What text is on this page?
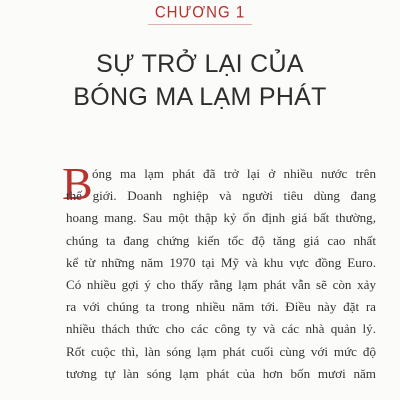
CHƯƠNG 1
SỰ TRỞ LẠI CỦA
BÓNG MA LẠM PHÁT
B óng ma lạm phát đã trở lại ở nhiều nước trên
thế giới. Doanh nghiệp và người tiêu dùng đang
hoang mang. Sau một thập kỷ ổn định giá bất thường,
chúng ta đang chứng kiến tốc độ tăng giá cao nhất
kể từ những năm 1970 tại Mỹ và khu vực đồng Euro.
Có nhiều gợi ý cho thấy rằng lạm phát vẫn sẽ còn xảy
ra với chúng ta trong nhiều năm tới. Điều này đặt ra
nhiều thách thức cho các công ty và các nhà quản lý.
Rốt cuộc thì, làn sóng lạm phát cuối cùng với mức độ
tương tự làn sóng lạm phát của hơn bốn mươi năm
